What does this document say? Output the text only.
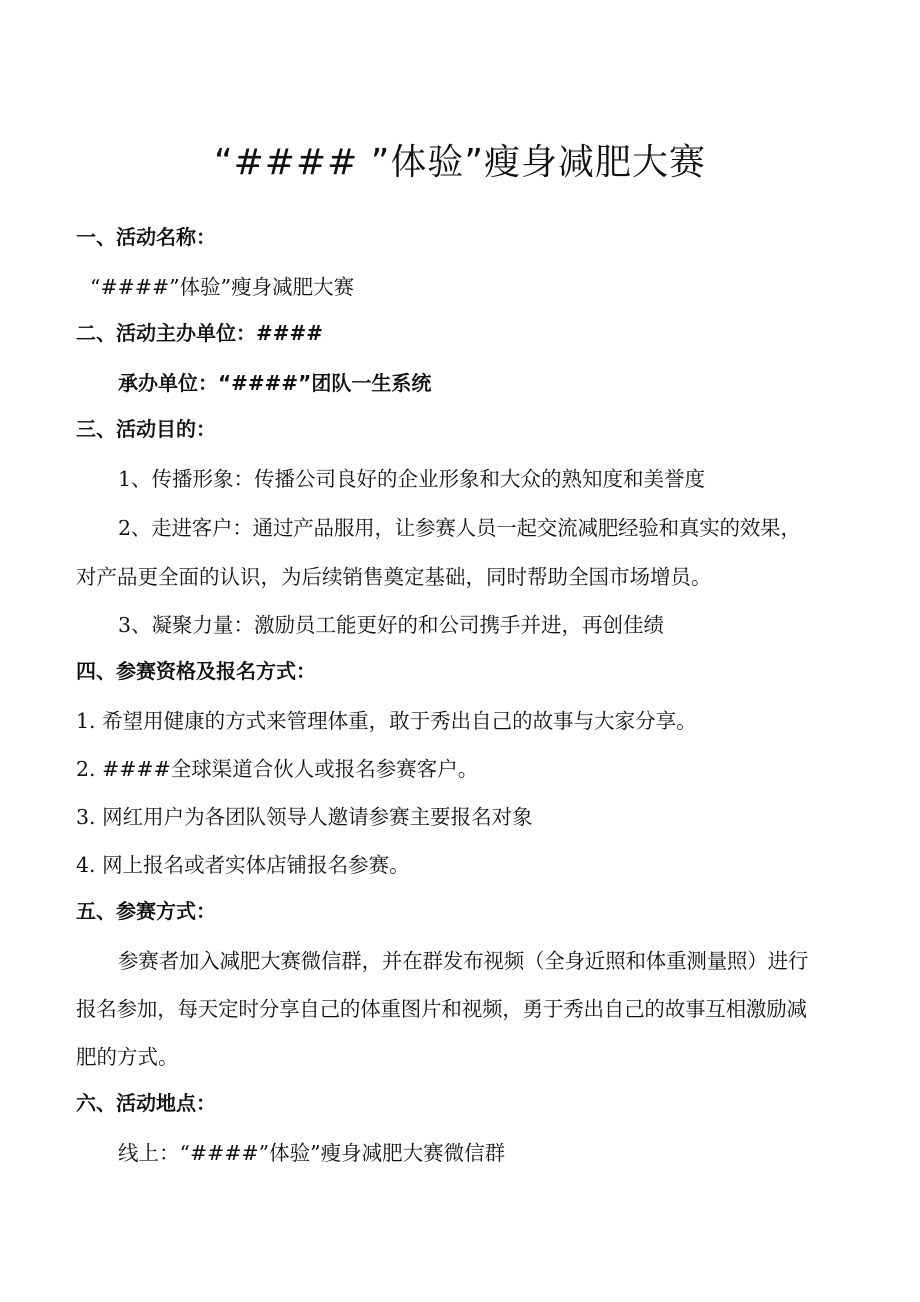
“#### ”体验”瘦身减肥大赛
一、活动名称：
“####”体验”瘦身减肥大赛
二、活动主办单位：####
承办单位：“####”团队一生系统
三、活动目的：
1、传播形象：传播公司良好的企业形象和大众的熟知度和美誉度
2、走进客户：通过产品服用，让参赛人员一起交流减肥经验和真实的效果，
对产品更全面的认识，为后续销售奠定基础，同时帮助全国市场增员。
3、凝聚力量：激励员工能更好的和公司携手并进，再创佳绩
四、参赛资格及报名方式：
1. 希望用健康的方式来管理体重，敢于秀出自己的故事与大家分享。
2. ####全球渠道合伙人或报名参赛客户。
3. 网红用户为各团队领导人邀请参赛主要报名对象
4. 网上报名或者实体店铺报名参赛。
五、参赛方式：
参赛者加入减肥大赛微信群，并在群发布视频（全身近照和体重测量照）进行
报名参加，每天定时分享自己的体重图片和视频，勇于秀出自己的故事互相激励减
肥的方式。
六、活动地点：
线上：“####”体验”瘦身减肥大赛微信群
